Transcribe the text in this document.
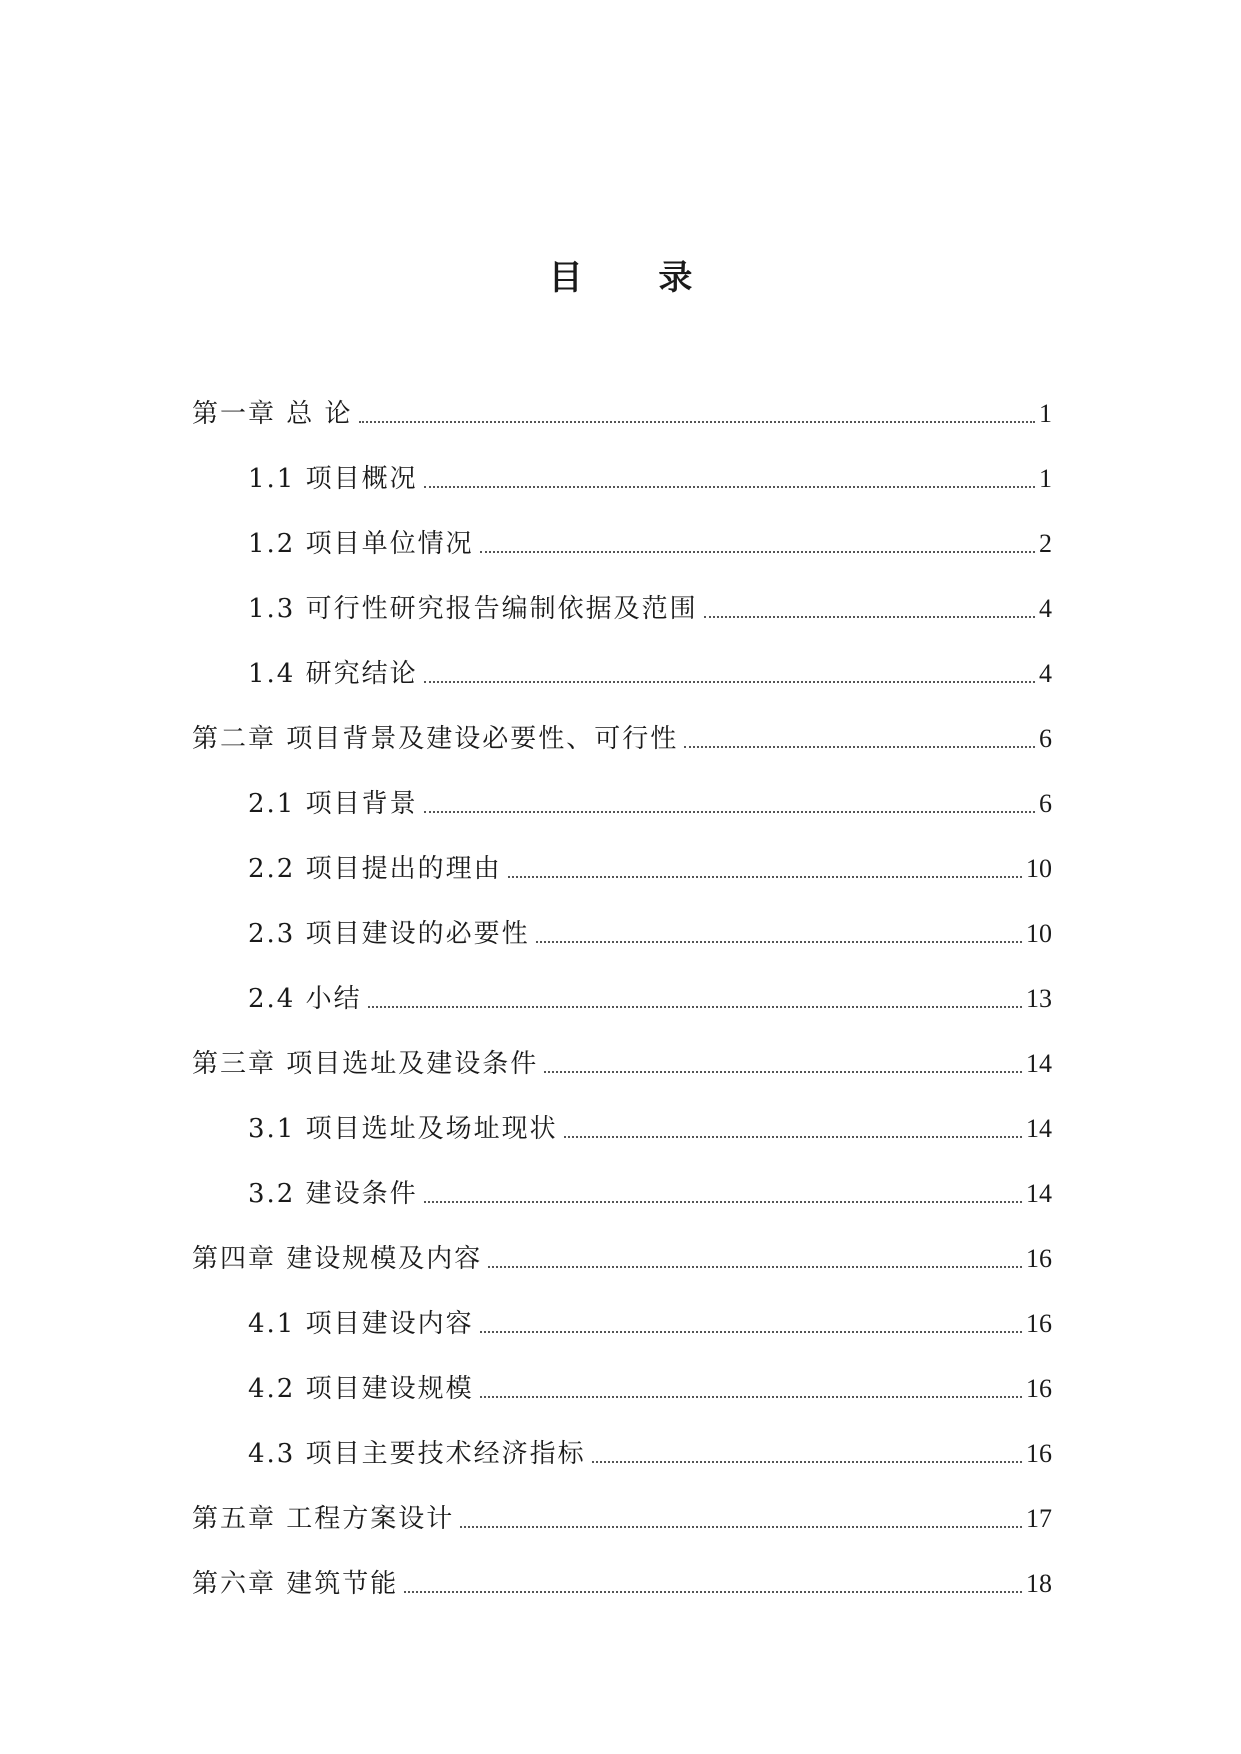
目 录
第一章 总 论	1
1.1 项目概况	1
1.2 项目单位情况	2
1.3 可行性研究报告编制依据及范围	4
1.4 研究结论	4
第二章 项目背景及建设必要性、可行性	6
2.1 项目背景	6
2.2 项目提出的理由	10
2.3 项目建设的必要性	10
2.4 小结	13
第三章 项目选址及建设条件	14
3.1 项目选址及场址现状	14
3.2 建设条件	14
第四章 建设规模及内容	16
4.1 项目建设内容	16
4.2 项目建设规模	16
4.3 项目主要技术经济指标	16
第五章 工程方案设计	17
第六章 建筑节能	18
